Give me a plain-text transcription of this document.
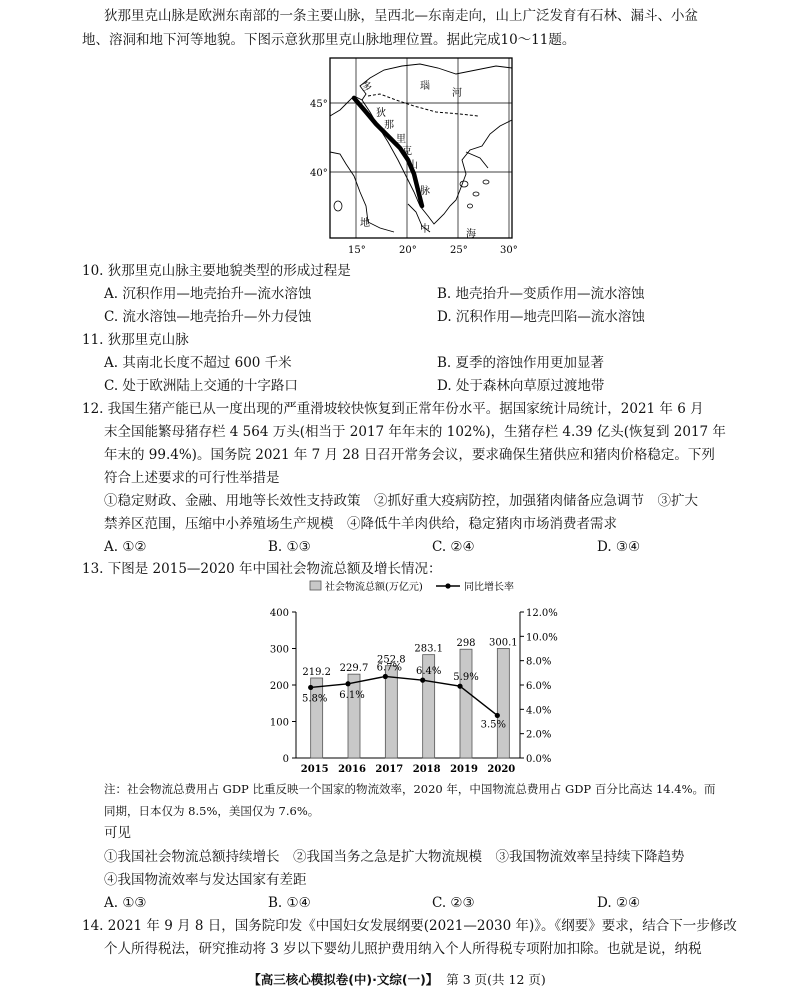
狄那里克山脉是欧洲东南部的一条主要山脉，呈西北—东南走向，山上广泛发育有石林、漏斗、小盆
地、溶洞和地下河等地貌。下图示意狄那里克山脉地理位置。据此完成10～11题。
多	瑙
河
狄
那
里
克
山
脉
地
中	海
45°
40°
15°	20°	25°	30°
10. 狄那里克山脉主要地貌类型的形成过程是
A. 沉积作用—地壳抬升—流水溶蚀	B. 地壳抬升—变质作用—流水溶蚀
C. 流水溶蚀—地壳抬升—外力侵蚀	D. 沉积作用—地壳凹陷—流水溶蚀
11. 狄那里克山脉
A. 其南北长度不超过 600 千米	B. 夏季的溶蚀作用更加显著
C. 处于欧洲陆上交通的十字路口	D. 处于森林向草原过渡地带
12. 我国生猪产能已从一度出现的严重滑坡较快恢复到正常年份水平。据国家统计局统计，2021 年 6 月
末全国能繁母猪存栏 4 564 万头(相当于 2017 年年末的 102%)，生猪存栏 4.39 亿头(恢复到 2017 年
年末的 99.4%)。国务院 2021 年 7 月 28 日召开常务会议，要求确保生猪供应和猪肉价格稳定。下列
符合上述要求的可行性举措是
①稳定财政、金融、用地等长效性支持政策　②抓好重大疫病防控，加强猪肉储备应急调节　③扩大
禁养区范围，压缩中小养殖场生产规模　④降低牛羊肉供给，稳定猪肉市场消费者需求
A. ①②	B. ①③	C. ②④	D. ③④
13. 下图是 2015—2020 年中国社会物流总额及增长情况：
社会物流总额(万亿元)	同比增长率
0
100
200
300
400
0.0%
2.0%
4.0%
6.0%
8.0%
10.0%
12.0%
2015 2016 2017 2018 2019 2020
219.2 229.7
252.8
283.1 298 300.1
5.8% 6.1%
6.7% 6.4%
5.9%
3.5%
注：社会物流总费用占 GDP 比重反映一个国家的物流效率，2020 年，中国物流总费用占 GDP 百分比高达 14.4%。而
同期，日本仅为 8.5%，美国仅为 7.6%。
可见
①我国社会物流总额持续增长　②我国当务之急是扩大物流规模　③我国物流效率呈持续下降趋势
④我国物流效率与发达国家有差距
A. ①③	B. ①④	C. ②③	D. ②④
14. 2021 年 9 月 8 日，国务院印发《中国妇女发展纲要(2021—2030 年)》。《纲要》要求，结合下一步修改
个人所得税法，研究推动将 3 岁以下婴幼儿照护费用纳入个人所得税专项附加扣除。也就是说，纳税
【高三核心模拟卷(中)·文综(一)】 第 3 页(共 12 页)
